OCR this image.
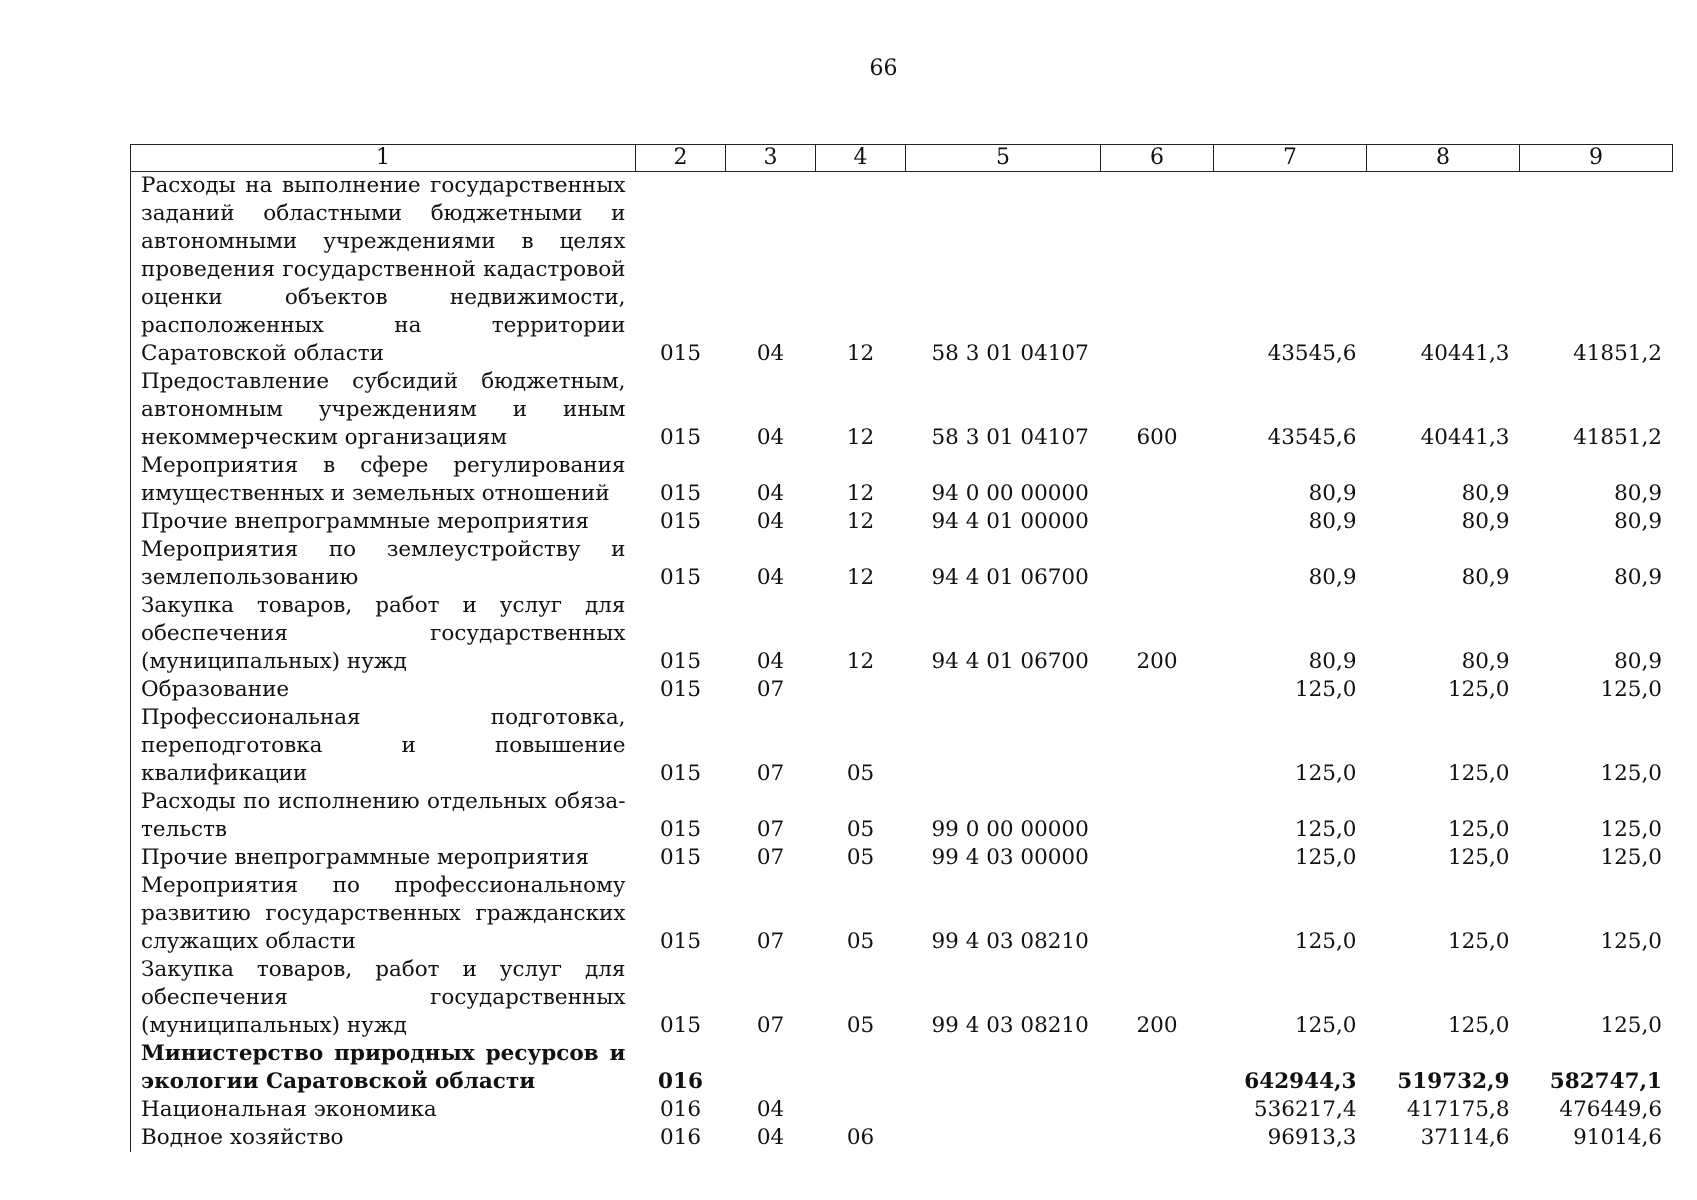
66
1	2	3	4	5	6	7	8	9
Расходы на выполнение государственных заданий областными бюджетными и автономными учреждениями в целях проведения государственной кадастровой оценки объектов недвижимости, расположенных на территории Саратовской области	015	04	12	58 3 01 04107		43545,6	40441,3	41851,2
Предоставление субсидий бюджетным, автономным учреждениям и иным некоммерческим организациям	015	04	12	58 3 01 04107	600	43545,6	40441,3	41851,2
Мероприятия в сфере регулирования имущественных и земельных отношений	015	04	12	94 0 00 00000		80,9	80,9	80,9
Прочие внепрограммные мероприятия	015	04	12	94 4 01 00000		80,9	80,9	80,9
Мероприятия по землеустройству и землепользованию	015	04	12	94 4 01 06700		80,9	80,9	80,9
Закупка товаров, работ и услуг для обеспечения государственных (муниципальных) нужд	015	04	12	94 4 01 06700	200	80,9	80,9	80,9
Образование	015	07				125,0	125,0	125,0
Профессиональная подготовка, переподготовка и повышение квалификации	015	07	05			125,0	125,0	125,0
Расходы по исполнению отдельных обязательств	015	07	05	99 0 00 00000		125,0	125,0	125,0
Прочие внепрограммные мероприятия	015	07	05	99 4 03 00000		125,0	125,0	125,0
Мероприятия по профессиональному развитию государственных гражданских служащих области	015	07	05	99 4 03 08210		125,0	125,0	125,0
Закупка товаров, работ и услуг для обеспечения государственных (муниципальных) нужд	015	07	05	99 4 03 08210	200	125,0	125,0	125,0
Министерство природных ресурсов и экологии Саратовской области	016					642944,3	519732,9	582747,1
Национальная экономика	016	04				536217,4	417175,8	476449,6
Водное хозяйство	016	04	06			96913,3	37114,6	91014,6
